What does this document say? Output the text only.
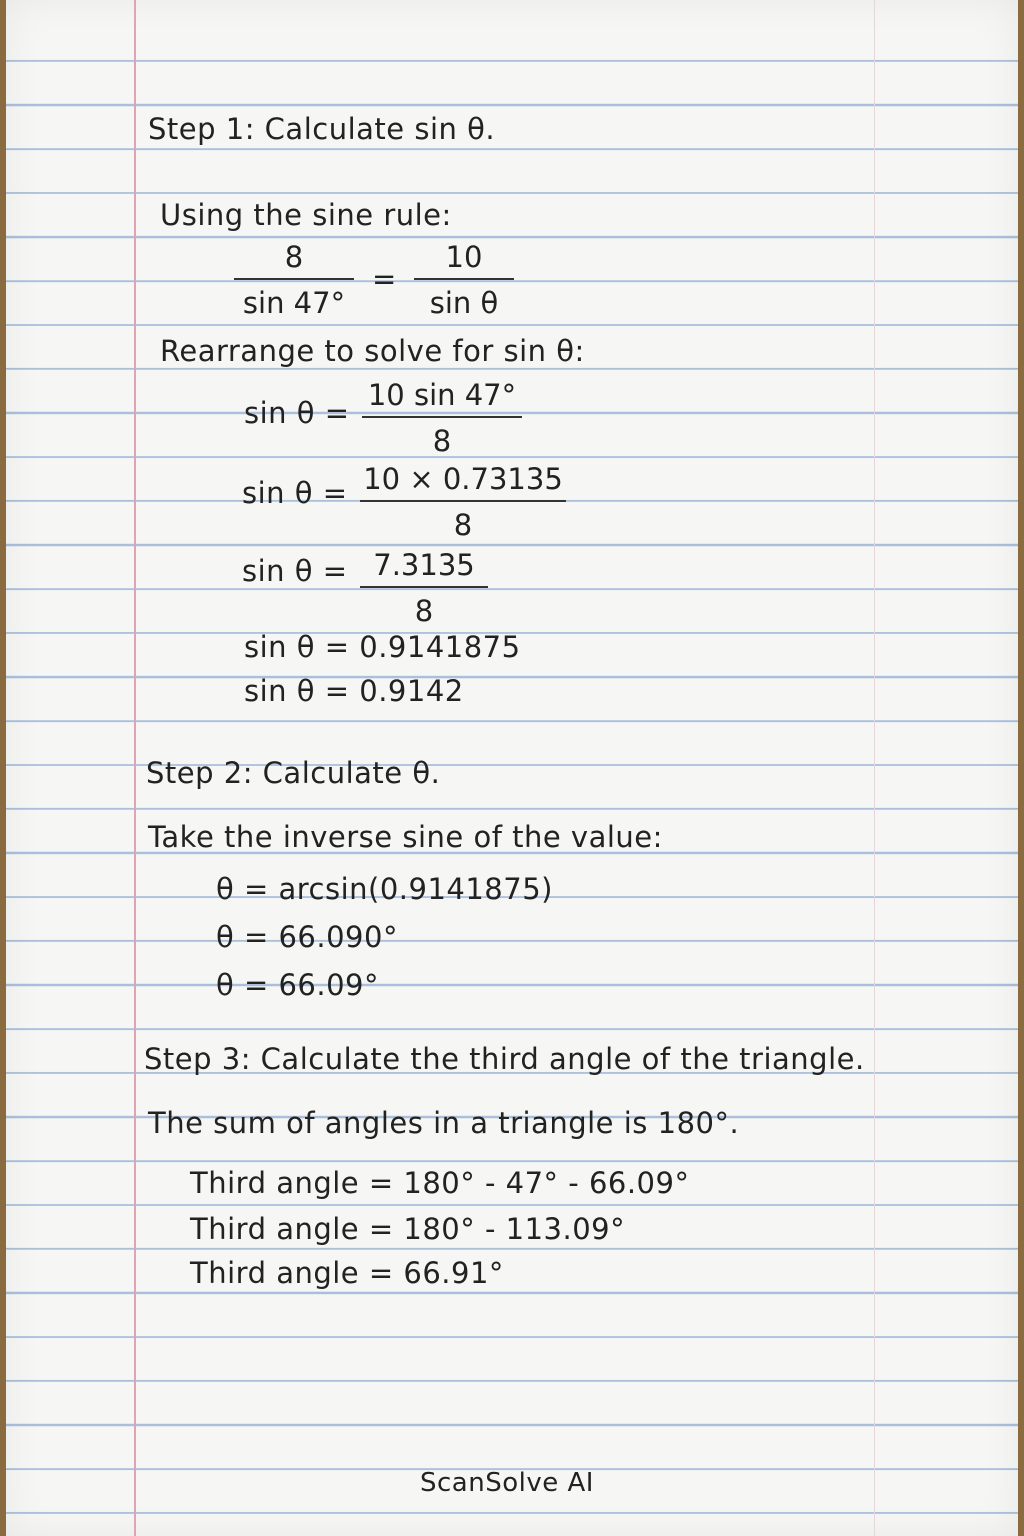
Step 1: Calculate sin θ.
Using the sine rule:
8
sin 47°
=
10
sin θ
Rearrange to solve for sin θ:
sin θ =
10 sin 47°
8
sin θ = 10 × 0.73135
8
sin θ = 7.3135
8
sin θ = 0.9141875
sin θ = 0.9142
Step 2: Calculate θ.
Take the inverse sine of the value:
θ = arcsin(0.9141875)
θ = 66.090°
θ = 66.09°
Step 3: Calculate the third angle of the triangle.
The sum of angles in a triangle is 180°.
Third angle = 180° - 47° - 66.09°
Third angle = 180° - 113.09°
Third angle = 66.91°
ScanSolve AI
